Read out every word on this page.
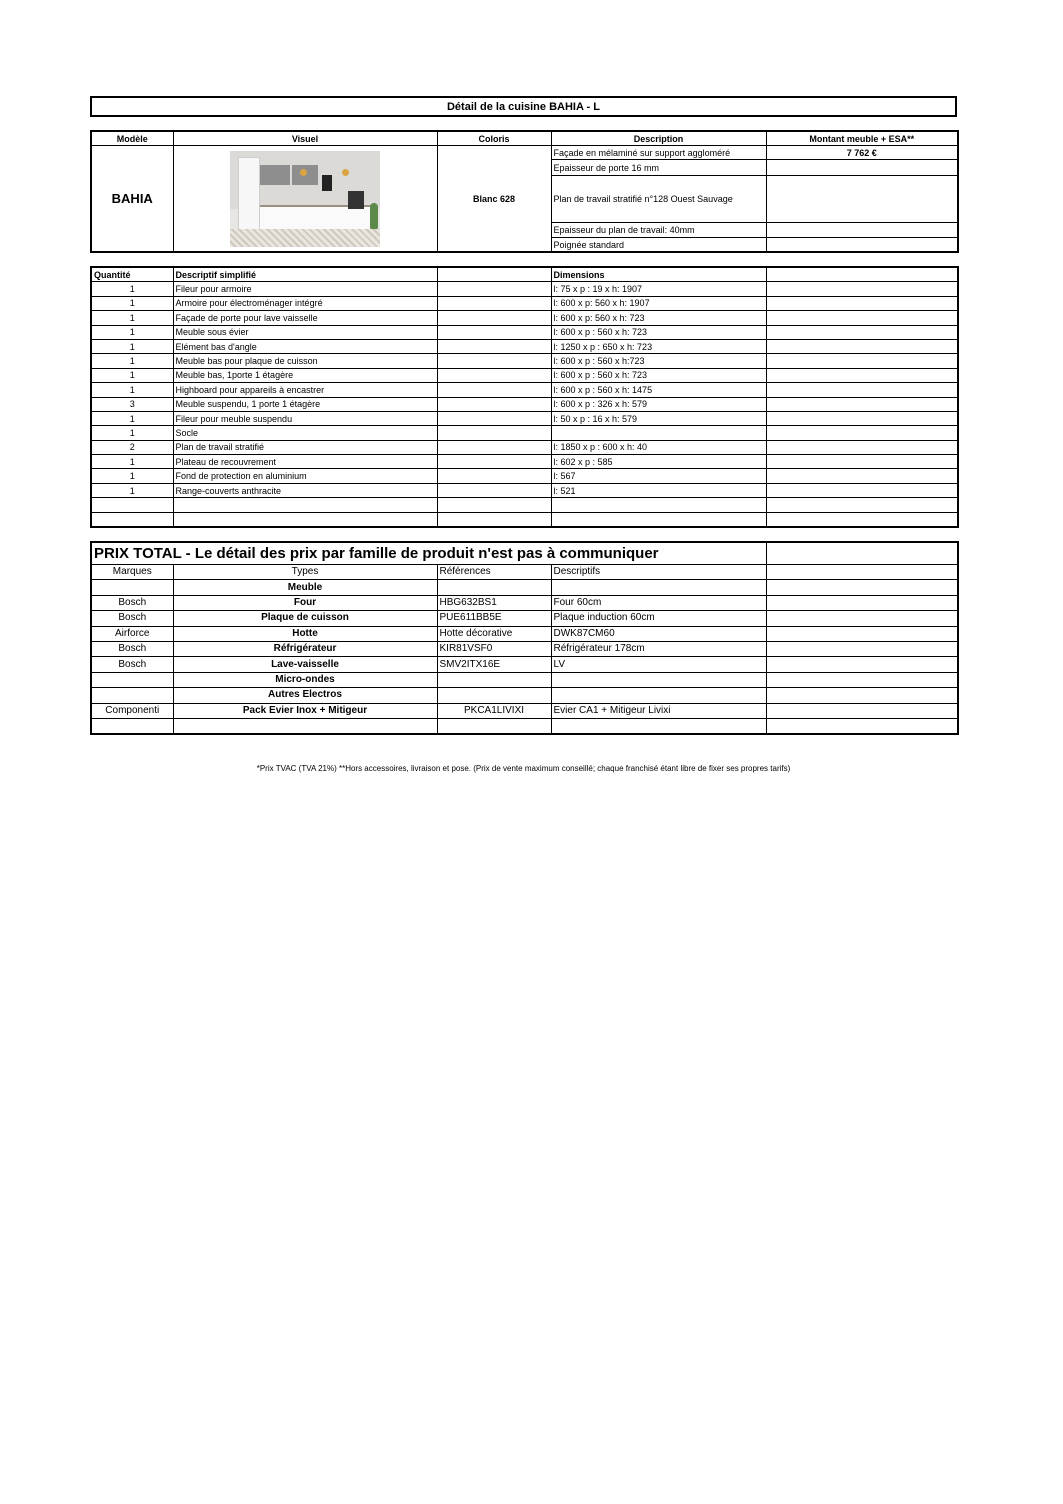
Détail de la cuisine BAHIA - L
Modèle	Visuel	Coloris	Description	Montant meuble + ESA**
BAHIA		Blanc 628	Façade en mélaminé sur support aggloméré	7 762 €
			Epaisseur de porte 16 mm	
			Plan de travail stratifié n°128 Ouest Sauvage	
			Epaisseur du plan de travail: 40mm	
			Poignée standard	
Quantité	Descriptif simplifié		Dimensions	
1	Fileur pour armoire		l: 75 x p : 19 x h: 1907	
1	Armoire pour électroménager intégré		l: 600 x p: 560 x h: 1907	
1	Façade de porte pour lave vaisselle		l: 600 x p: 560 x h: 723	
1	Meuble sous évier		l: 600 x p : 560 x h: 723	
1	Elément bas d'angle		l: 1250 x p : 650 x h: 723	
1	Meuble bas pour plaque de cuisson		l: 600 x p : 560 x h:723	
1	Meuble bas, 1porte 1 étagère		l: 600 x p : 560 x h: 723	
1	Highboard pour appareils à encastrer		l: 600 x p : 560 x h: 1475	
3	Meuble suspendu, 1 porte 1 étagère		l: 600 x p : 326 x h: 579	
1	Fileur pour meuble suspendu		l: 50 x p : 16 x h: 579	
1	Socle			
2	Plan de travail stratifié		l: 1850 x p : 600 x h: 40	
1	Plateau de recouvrement		l: 602 x p : 585	
1	Fond de protection en aluminium		l: 567	
1	Range-couverts anthracite		l: 521	

PRIX TOTAL - Le détail des prix par famille de produit n'est pas à communiquer				
Marques	Types	Références	Descriptifs	
	Meuble			
Bosch	Four	HBG632BS1	Four 60cm	
Bosch	Plaque de cuisson	PUE611BB5E	Plaque induction 60cm	
Airforce	Hotte	Hotte décorative	DWK87CM60	
Bosch	Réfrigérateur	KIR81VSF0	Réfrigérateur 178cm	
Bosch	Lave-vaisselle	SMV2ITX16E	LV	
	Micro-ondes			
	Autres Electros			
Componenti	Pack Evier Inox + Mitigeur	PKCA1LIVIXI	Evier CA1 + Mitigeur Livixi	

*Prix TVAC (TVA 21%) **Hors accessoires, livraison et pose. (Prix de vente maximum conseillé; chaque franchisé étant libre de fixer ses propres tarifs)
